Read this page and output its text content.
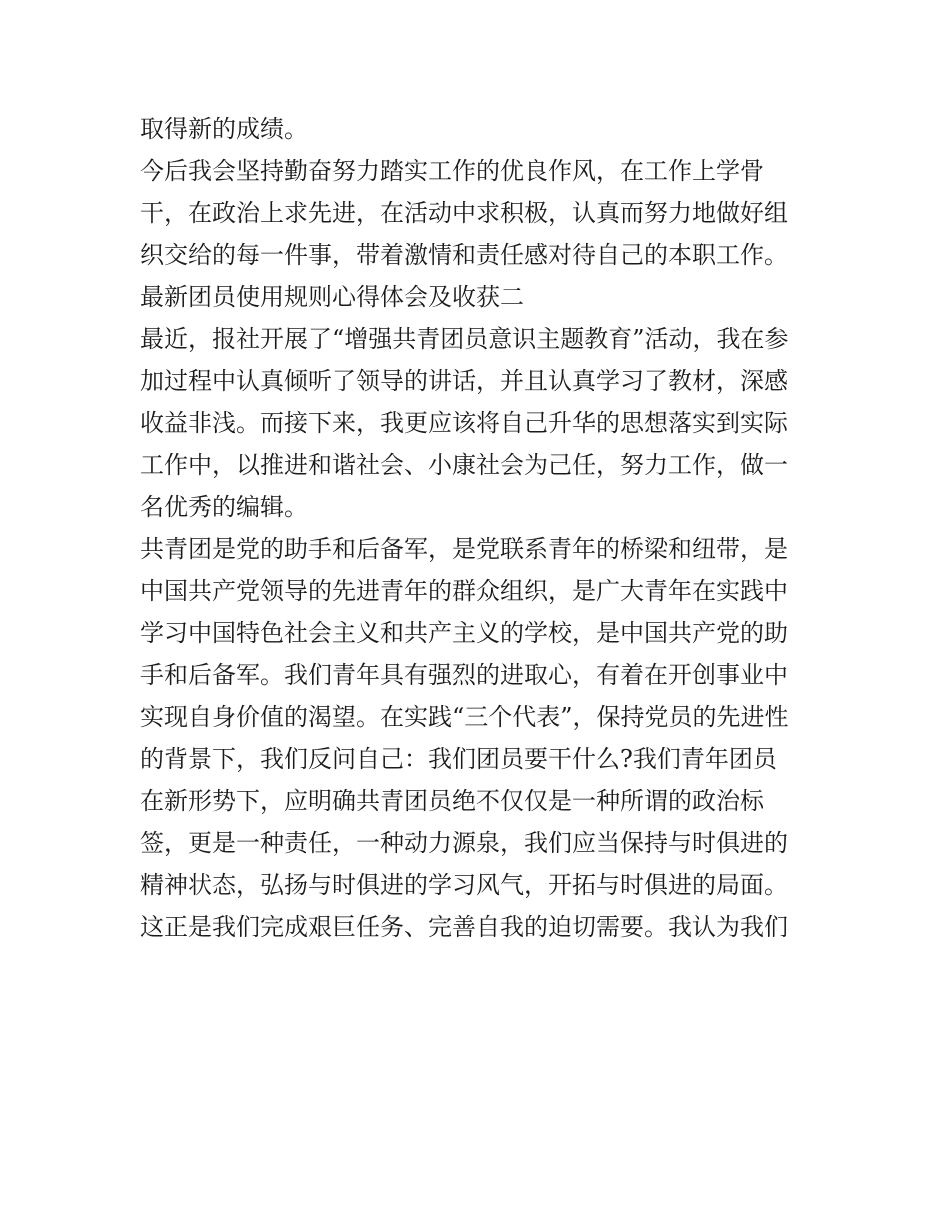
取得新的成绩。
今后我会坚持勤奋努力踏实工作的优良作风，在工作上学骨
干，在政治上求先进，在活动中求积极，认真而努力地做好组
织交给的每一件事，带着激情和责任感对待自己的本职工作。
最新团员使用规则心得体会及收获二
最近，报社开展了“增强共青团员意识主题教育”活动，我在参
加过程中认真倾听了领导的讲话，并且认真学习了教材，深感
收益非浅。而接下来，我更应该将自己升华的思想落实到实际
工作中，以推进和谐社会、小康社会为己任，努力工作，做一
名优秀的编辑。
共青团是党的助手和后备军，是党联系青年的桥梁和纽带，是
中国共产党领导的先进青年的群众组织，是广大青年在实践中
学习中国特色社会主义和共产主义的学校，是中国共产党的助
手和后备军。我们青年具有强烈的进取心，有着在开创事业中
实现自身价值的渴望。在实践“三个代表”，保持党员的先进性
的背景下，我们反问自己：我们团员要干什么?我们青年团员
在新形势下，应明确共青团员绝不仅仅是一种所谓的政治标
签，更是一种责任，一种动力源泉，我们应当保持与时俱进的
精神状态，弘扬与时俱进的学习风气，开拓与时俱进的局面。
这正是我们完成艰巨任务、完善自我的迫切需要。我认为我们
